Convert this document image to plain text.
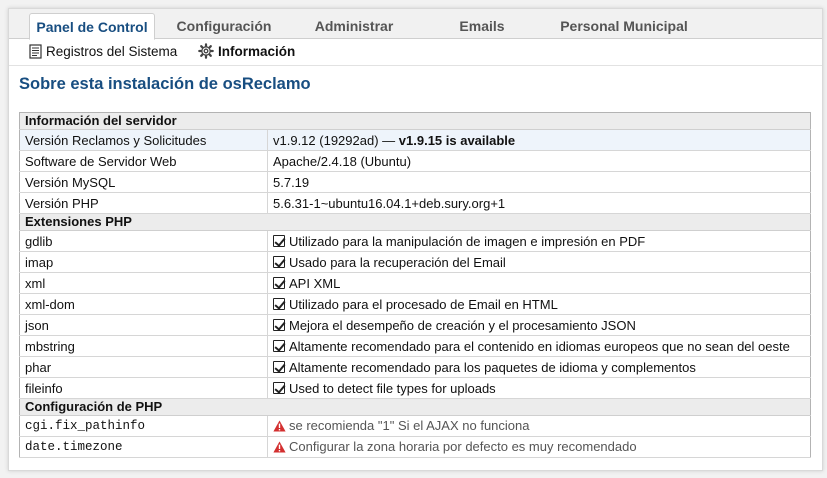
Panel de Control	Configuración	Administrar	Emails	Personal Municipal
Registros del Sistema	Información
Sobre esta instalación de osReclamo
Información del servidor	
Versión Reclamos y Solicitudes	v1.9.12 (19292ad) — v1.9.15 is available
Software de Servidor Web	Apache/2.4.18 (Ubuntu)
Versión MySQL	5.7.19
Versión PHP	5.6.31-1~ubuntu16.04.1+deb.sury.org+1
Extensiones PHP	
gdlib	Utilizado para la manipulación de imagen e impresión en PDF
imap	Usado para la recuperación del Email
xml	API XML
xml-dom	Utilizado para el procesado de Email en HTML
json	Mejora el desempeño de creación y el procesamiento JSON
mbstring	Altamente recomendado para el contenido en idiomas europeos que no sean del oeste
phar	Altamente recomendado para los paquetes de idioma y complementos
fileinfo	Used to detect file types for uploads
Configuración de PHP	
cgi.fix_pathinfo	se recomienda "1" Si el AJAX no funciona
date.timezone	Configurar la zona horaria por defecto es muy recomendado
